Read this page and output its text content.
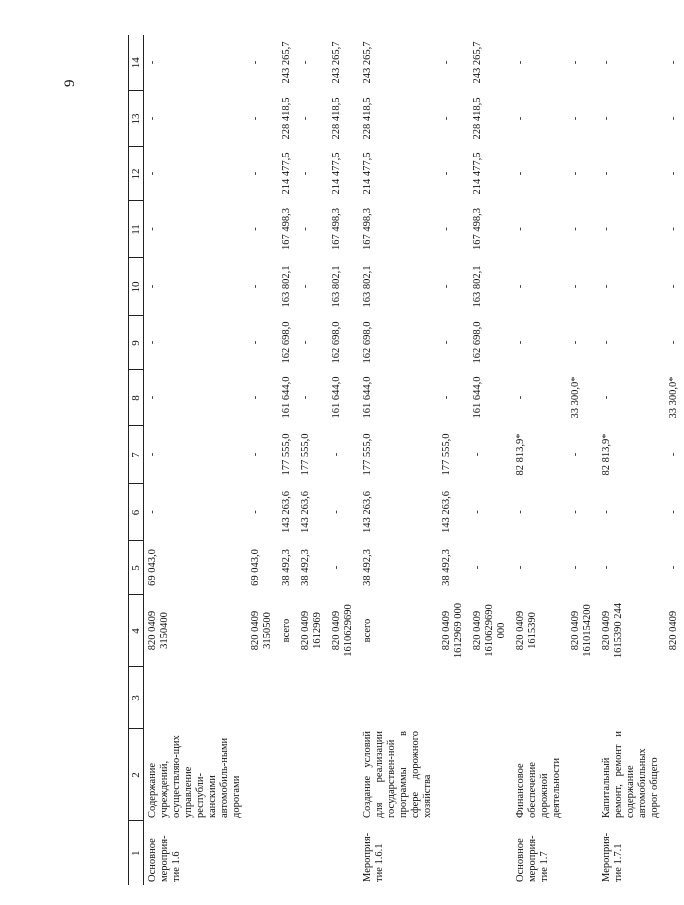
9
1	2	3	4	5	6	7	8	9	10	11	12	13	14
Основное мероприя-тие 1.6	Содержание учреждений, осуществляю-щих управление республи-канскими автомобиль-ными дорогами		820 0409 3150400	69 043,0	-	-	-	-	-	-	-	-	-
			820 0409 3150500	69 043,0	-	-	-	-	-	-	-	-	-
			всего	38 492,3	143 263,6	177 555,0	161 644,0	162 698,0	163 802,1	167 498,3	214 477,5	228 418,5	243 265,7
			820 0409 1612969	38 492,3	143 263,6	177 555,0	-	-	-	-	-	-	-
			820 0409 1610629690	-	-	-	161 644,0	162 698,0	163 802,1	167 498,3	214 477,5	228 418,5	243 265,7
Мероприя-тие 1.6.1	Создание условий для реализации государствен-ной программы в сфере дорожного хозяйства		всего	38 492,3	143 263,6	177 555,0	161 644,0	162 698,0	163 802,1	167 498,3	214 477,5	228 418,5	243 265,7
			820 0409 1612969 000	38 492,3	143 263,6	177 555,0	-	-	-	-	-	-	-
			820 0409 1610629690 000	-	-	-	161 644,0	162 698,0	163 802,1	167 498,3	214 477,5	228 418,5	243 265,7
Основное мероприя-тие 1.7	Финансовое обеспечение дорожной деятельности		820 0409 1615390	-	-	82 813,9*	-	-	-	-	-	-	-
			820 0409 1610154200	-	-	-	33 300,0*	-	-	-	-	-	-
Мероприя-тие 1.7.1	Капитальный ремонт, ремонт и содержание автомобильных дорог общего		820 0409 1615390 244	-	-	82 813,9*	-	-	-	-	-	-	-
			820 0409	-	-	-	33 300,0*	-	-	-	-	-	-
